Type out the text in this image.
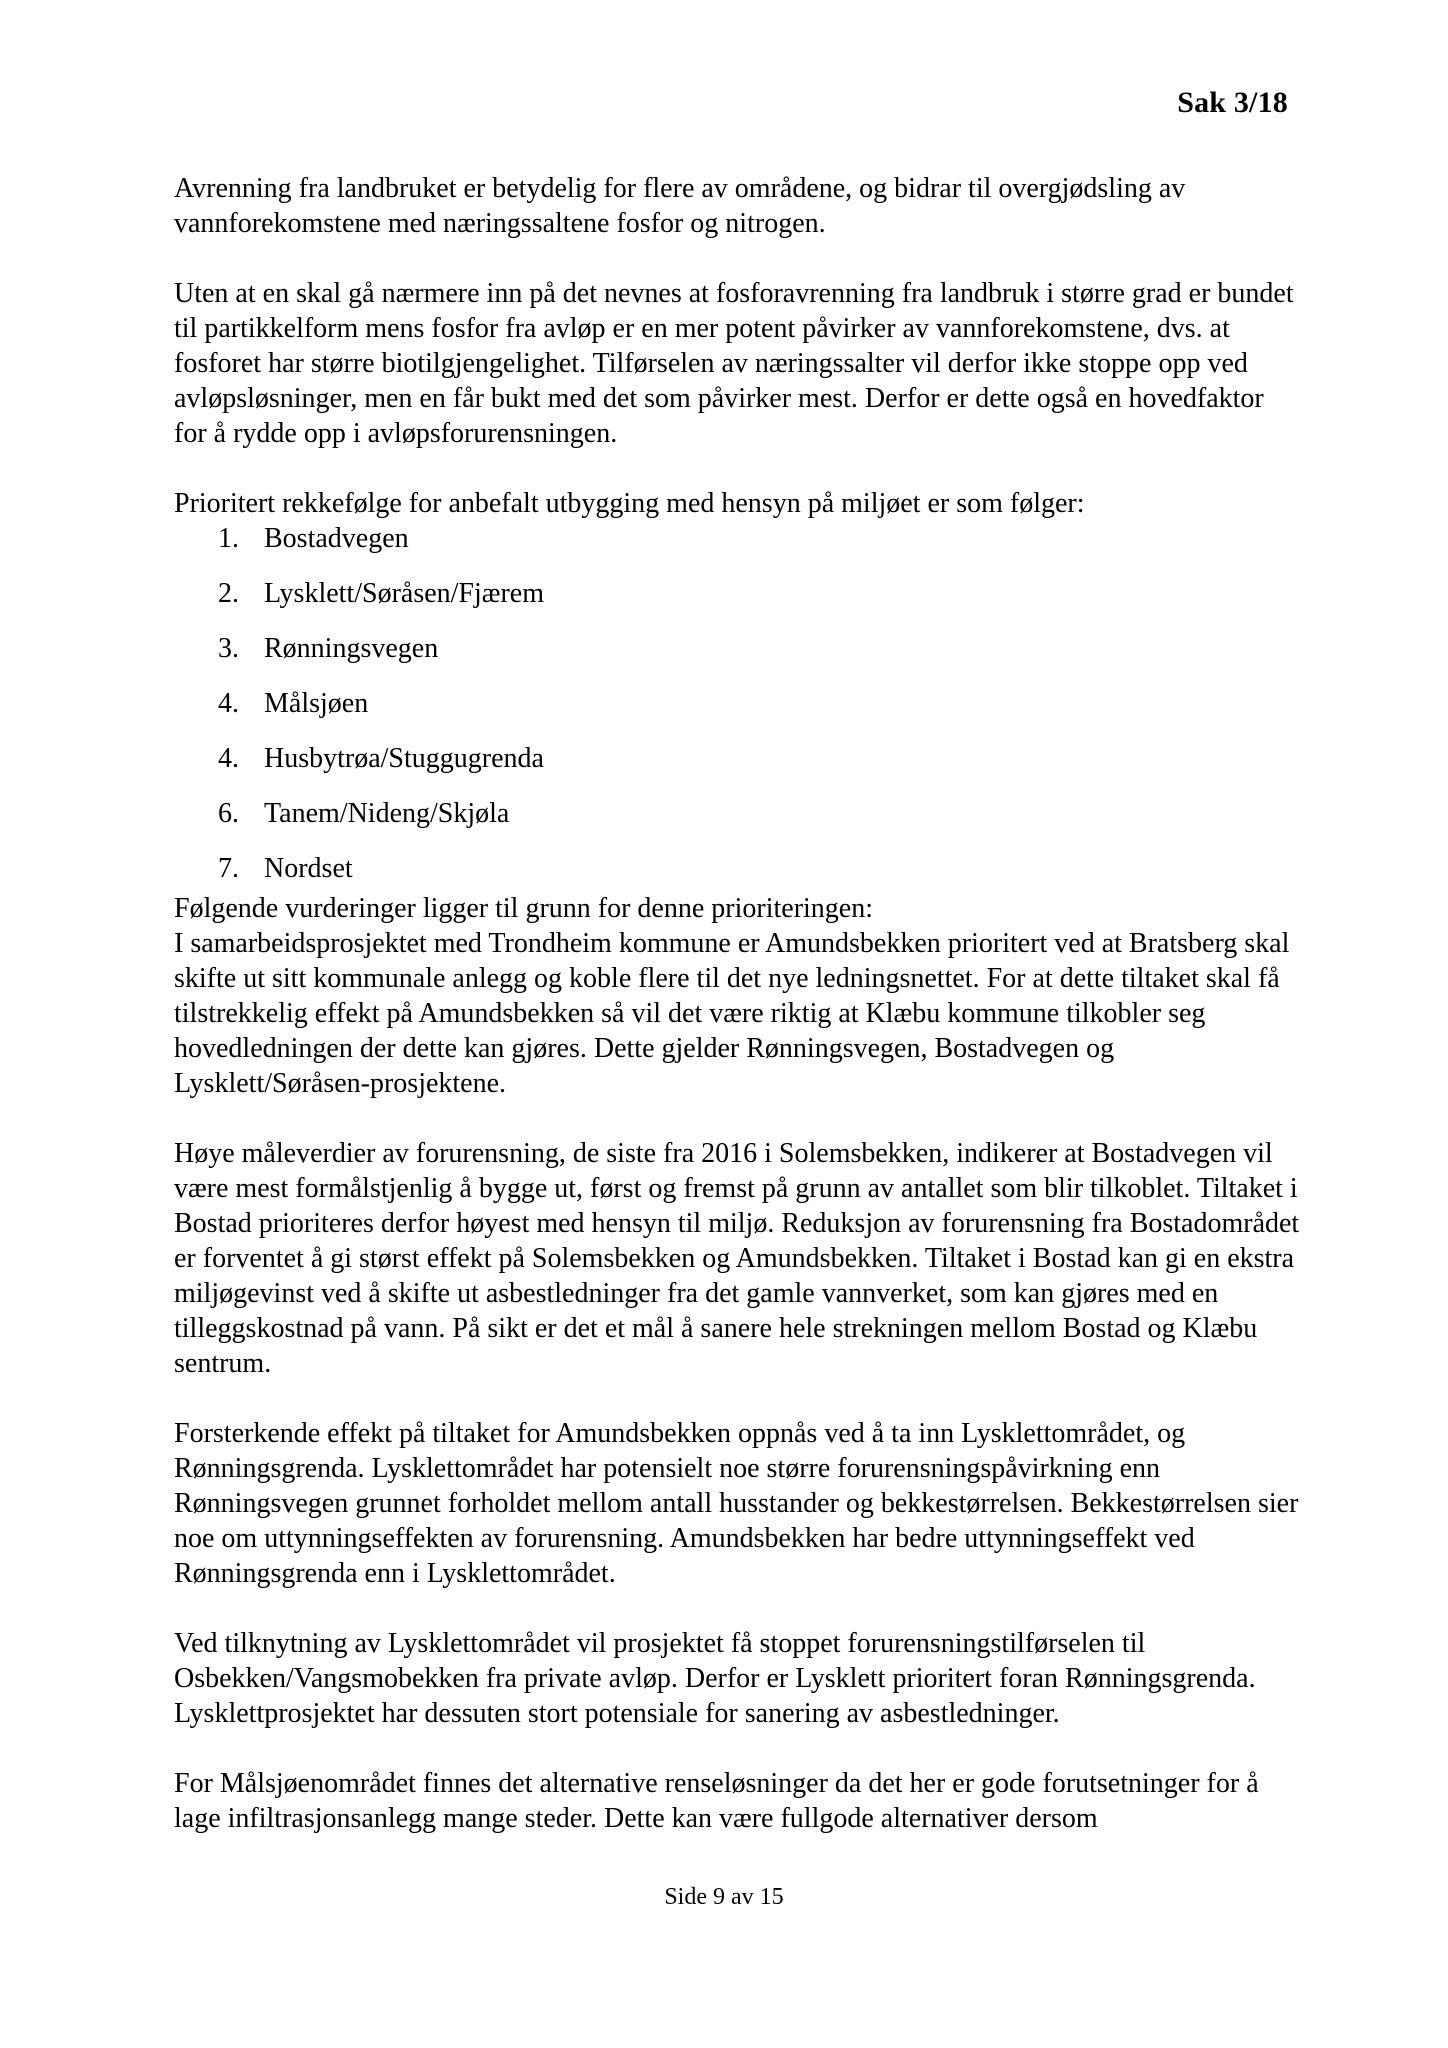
Sak 3/18

Avrenning fra landbruket er betydelig for flere av områdene, og bidrar til overgjødsling av vannforekomstene med næringssaltene fosfor og nitrogen.

Uten at en skal gå nærmere inn på det nevnes at fosforavrenning fra landbruk i større grad er bundet til partikkelform mens fosfor fra avløp er en mer potent påvirker av vannforekomstene, dvs. at fosforet har større biotilgjengelighet. Tilførselen av næringssalter vil derfor ikke stoppe opp ved avløpsløsninger, men en får bukt med det som påvirker mest. Derfor er dette også en hovedfaktor for å rydde opp i avløpsforurensningen.

Prioritert rekkefølge for anbefalt utbygging med hensyn på miljøet er som følger:

1. Bostadvegen
2. Lysklett/Søråsen/Fjærem
3. Rønningsvegen
4. Målsjøen
4. Husbytrøa/Stuggugrenda
6. Tanem/Nideng/Skjøla
7. Nordset

Følgende vurderinger ligger til grunn for denne prioriteringen:

I samarbeidsprosjektet med Trondheim kommune er Amundsbekken prioritert ved at Bratsberg skal skifte ut sitt kommunale anlegg og koble flere til det nye ledningsnettet. For at dette tiltaket skal få tilstrekkelig effekt på Amundsbekken så vil det være riktig at Klæbu kommune tilkobler seg hovedledningen der dette kan gjøres. Dette gjelder Rønningsvegen, Bostadvegen og Lysklett/Søråsen-prosjektene.

Høye måleverdier av forurensning, de siste fra 2016 i Solemsbekken, indikerer at Bostadvegen vil være mest formålstjenlig å bygge ut, først og fremst på grunn av antallet som blir tilkoblet. Tiltaket i Bostad prioriteres derfor høyest med hensyn til miljø. Reduksjon av forurensning fra Bostadområdet er forventet å gi størst effekt på Solemsbekken og Amundsbekken. Tiltaket i Bostad kan gi en ekstra miljøgevinst ved å skifte ut asbestledninger fra det gamle vannverket, som kan gjøres med en tilleggskostnad på vann. På sikt er det et mål å sanere hele strekningen mellom Bostad og Klæbu sentrum.

Forsterkende effekt på tiltaket for Amundsbekken oppnås ved å ta inn Lysklettområdet, og Rønningsgrenda. Lysklettområdet har potensielt noe større forurensningspåvirkning enn Rønningsvegen grunnet forholdet mellom antall husstander og bekkestørrelsen. Bekkestørrelsen sier noe om uttynningseffekten av forurensning. Amundsbekken har bedre uttynningseffekt ved Rønningsgrenda enn i Lysklettområdet.

Ved tilknytning av Lysklettområdet vil prosjektet få stoppet forurensningstilførselen til Osbekken/Vangsmobekken fra private avløp. Derfor er Lysklett prioritert foran Rønningsgrenda. Lysklettprosjektet har dessuten stort potensiale for sanering av asbestledninger.

For Målsjøenområdet finnes det alternative renseløsninger da det her er gode forutsetninger for å lage infiltrasjonsanlegg mange steder. Dette kan være fullgode alternativer dersom

Side 9 av 15
